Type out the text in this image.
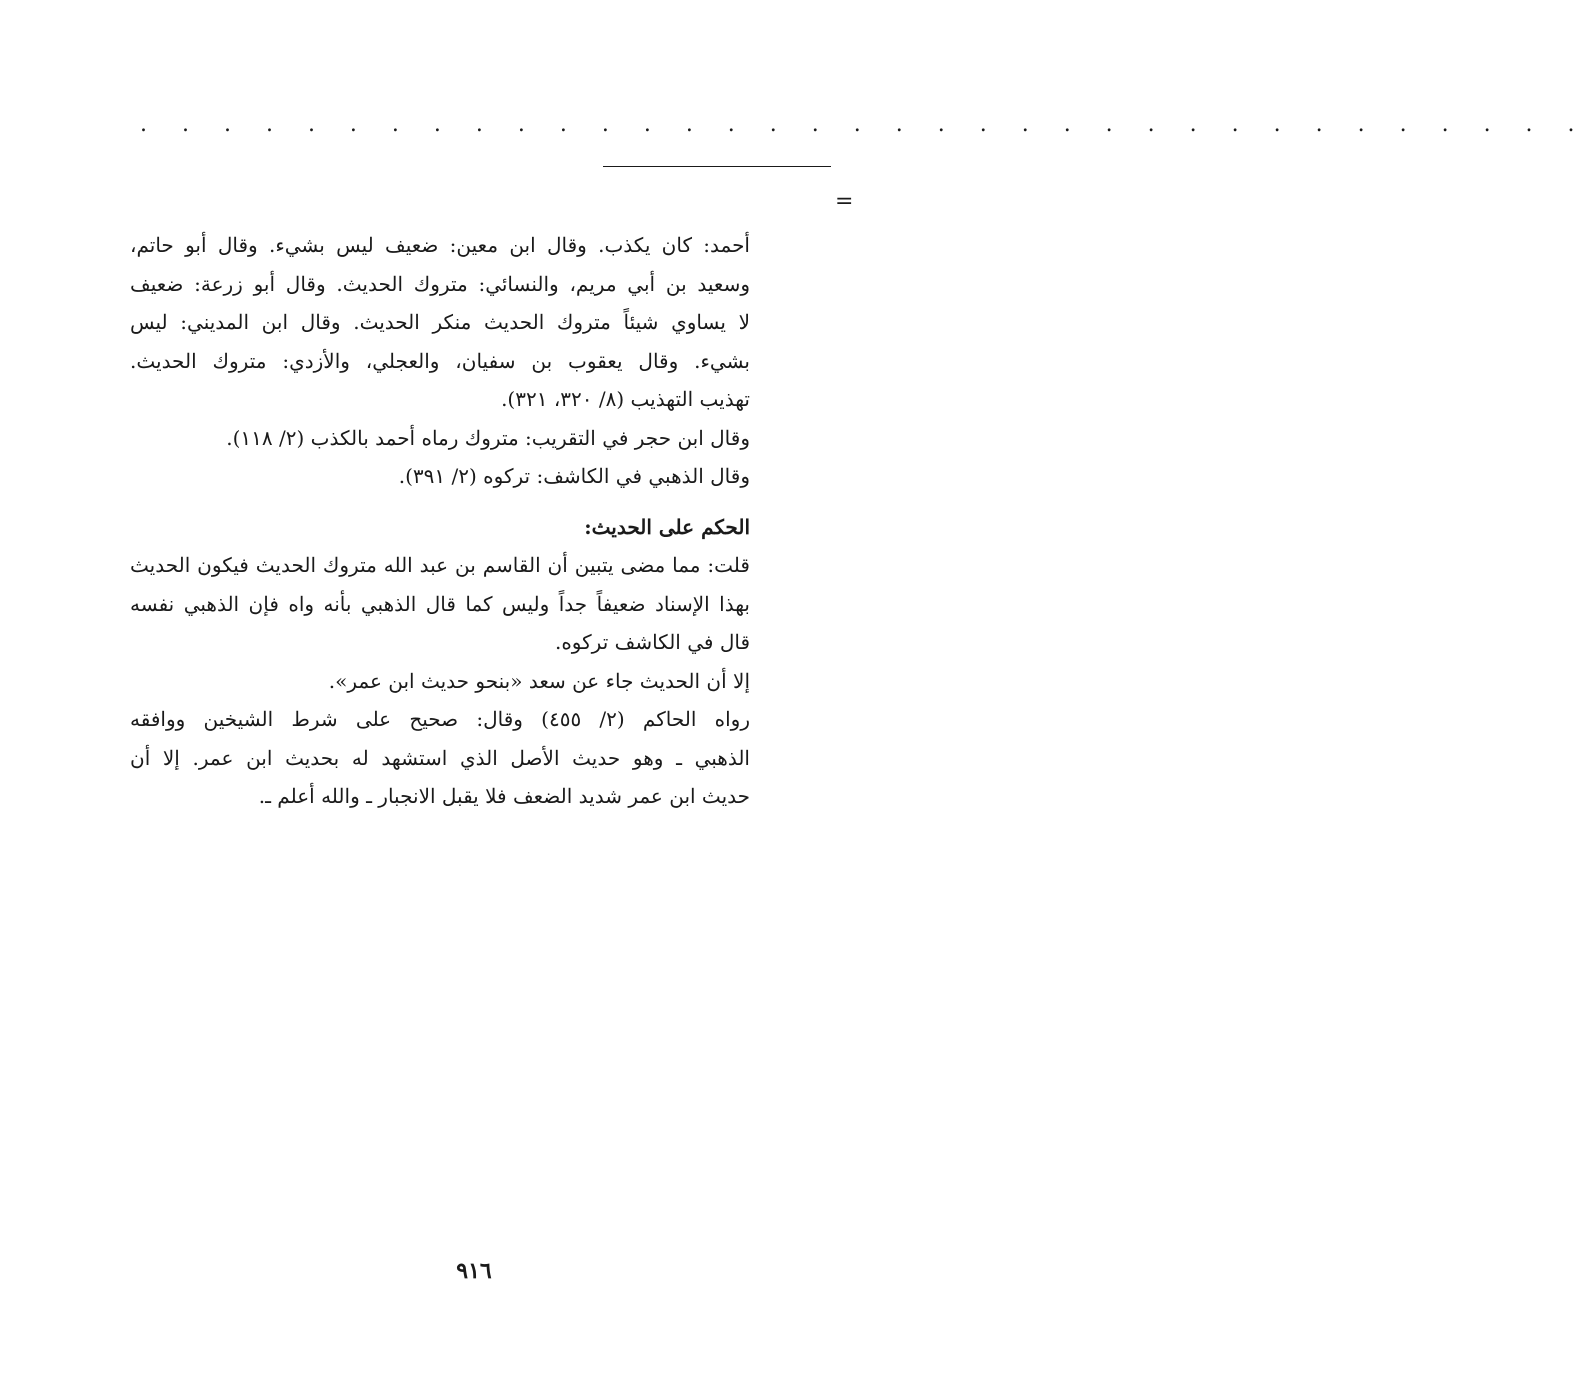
. . . . . . . . . . . . . . . . . . . . . . . . . . . . . . . . . . .
=

أحمد: كان يكذب. وقال ابن معين: ضعيف ليس بشيء. وقال أبو حاتم،

وسعيد بن أبي مريم، والنسائي: متروك الحديث. وقال أبو زرعة: ضعيف

لا يساوي شيئاً متروك الحديث منكر الحديث. وقال ابن المديني: ليس

بشيء. وقال يعقوب بن سفيان، والعجلي، والأزدي: متروك الحديث.

تهذيب التهذيب (٨/ ٣٢٠، ٣٢١).

وقال ابن حجر في التقريب: متروك رماه أحمد بالكذب (٢/ ١١٨).

وقال الذهبي في الكاشف: تركوه (٢/ ٣٩١).

الحكم على الحديث:

قلت: مما مضى يتبين أن القاسم بن عبد الله متروك الحديث فيكون الحديث

بهذا الإسناد ضعيفاً جداً وليس كما قال الذهبي بأنه واه فإن الذهبي نفسه

قال في الكاشف تركوه.

إلا أن الحديث جاء عن سعد «بنحو حديث ابن عمر».

رواه الحاكم (٢/ ٤٥٥) وقال: صحيح على شرط الشيخين ووافقه

الذهبي ـ وهو حديث الأصل الذي استشهد له بحديث ابن عمر. إلا أن

حديث ابن عمر شديد الضعف فلا يقبل الانجبار ـ والله أعلم ـ.

٩١٦
